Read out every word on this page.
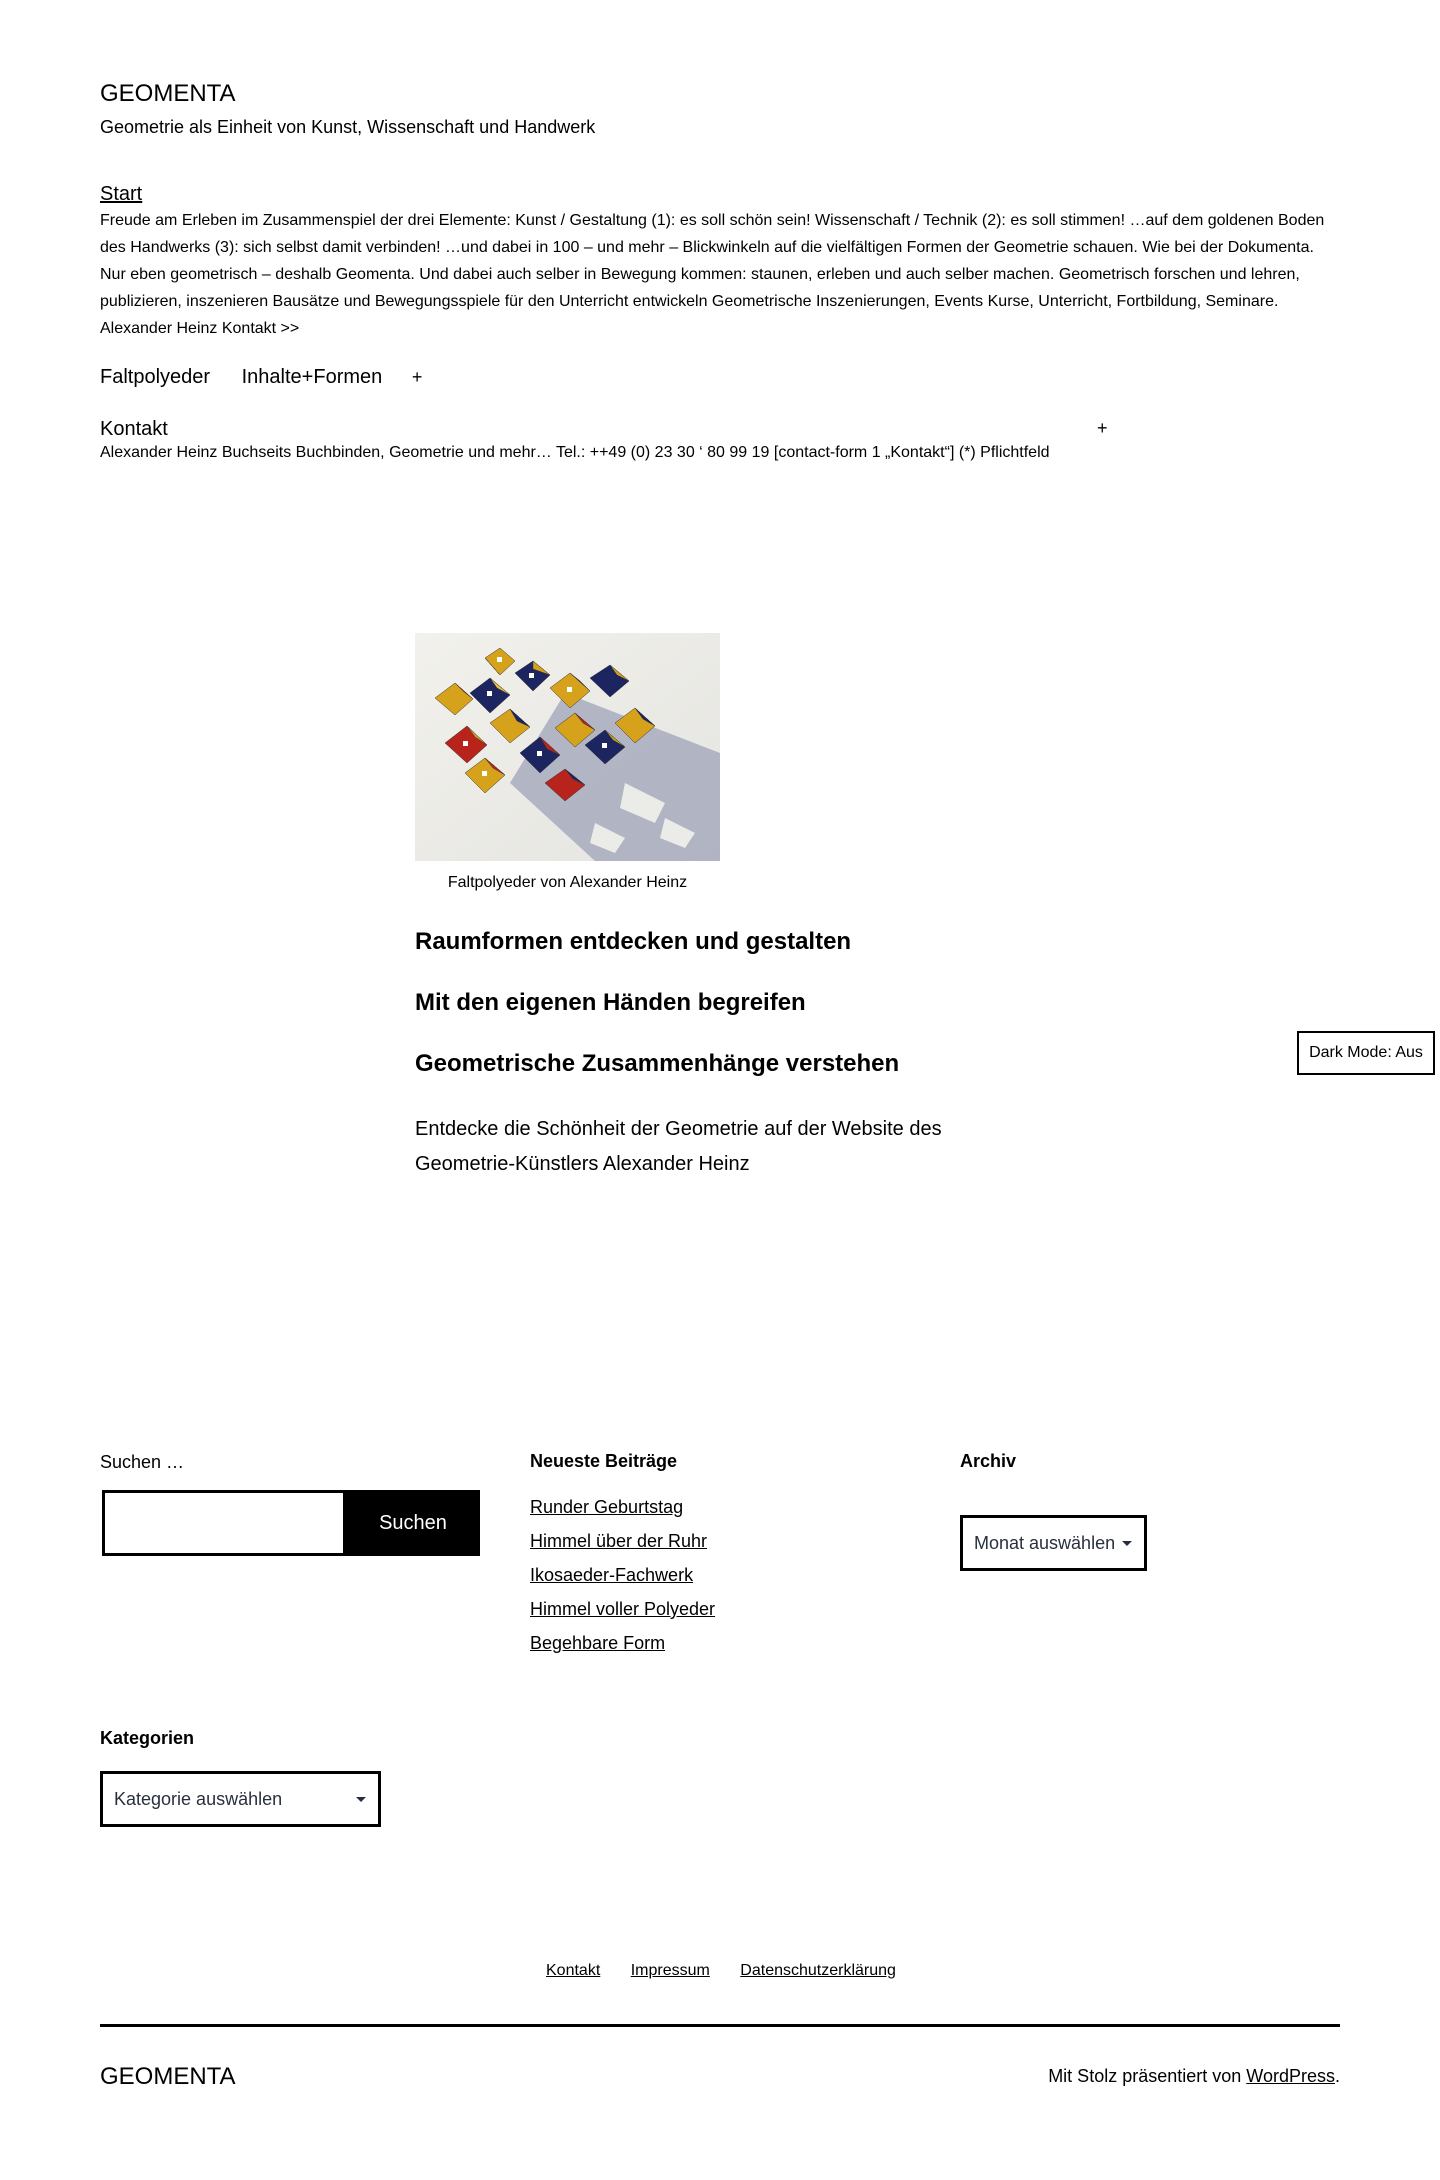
GEOMENTA
Geometrie als Einheit von Kunst, Wissenschaft und Handwerk
Start
Freude am Erleben im Zusammenspiel der drei Elemente: Kunst / Gestaltung (1): es soll schön sein! Wissenschaft / Technik (2): es soll stimmen! …auf dem goldenen Boden des Handwerks (3): sich selbst damit verbinden! …und dabei in 100 – und mehr – Blickwinkeln auf die vielfältigen Formen der Geometrie schauen. Wie bei der Dokumenta. Nur eben geometrisch – deshalb Geomenta. Und dabei auch selber in Bewegung kommen: staunen, erleben und auch selber machen. Geometrisch forschen und lehren, publizieren, inszenieren Bausätze und Bewegungsspiele für den Unterricht entwickeln Geometrische Inszenierungen, Events Kurse, Unterricht, Fortbildung, Seminare. Alexander Heinz Kontakt >>
Faltpolyeder Inhalte+Formen +
Kontakt	+
Alexander Heinz Buchseits Buchbinden, Geometrie und mehr… Tel.: ++49 (0) 23 30 ‘ 80 99 19 [contact-form 1 „Kontakt“] (*) Pflichtfeld
Faltpolyeder von Alexander Heinz
Raumformen entdecken und gestalten
Mit den eigenen Händen begreifen
Geometrische Zusammenhänge verstehen
Entdecke die Schönheit der Geometrie auf der Website des Geometrie-Künstlers Alexander Heinz
Dark Mode: Aus
Suchen …
Suchen
Neueste Beiträge
Runder Geburtstag
Himmel über der Ruhr
Ikosaeder-Fachwerk
Himmel voller Polyeder
Begehbare Form
Archiv
Monat auswählen
Kategorien
Kategorie auswählen
Kontakt Impressum Datenschutzerklärung
GEOMENTA	Mit Stolz präsentiert von WordPress.
